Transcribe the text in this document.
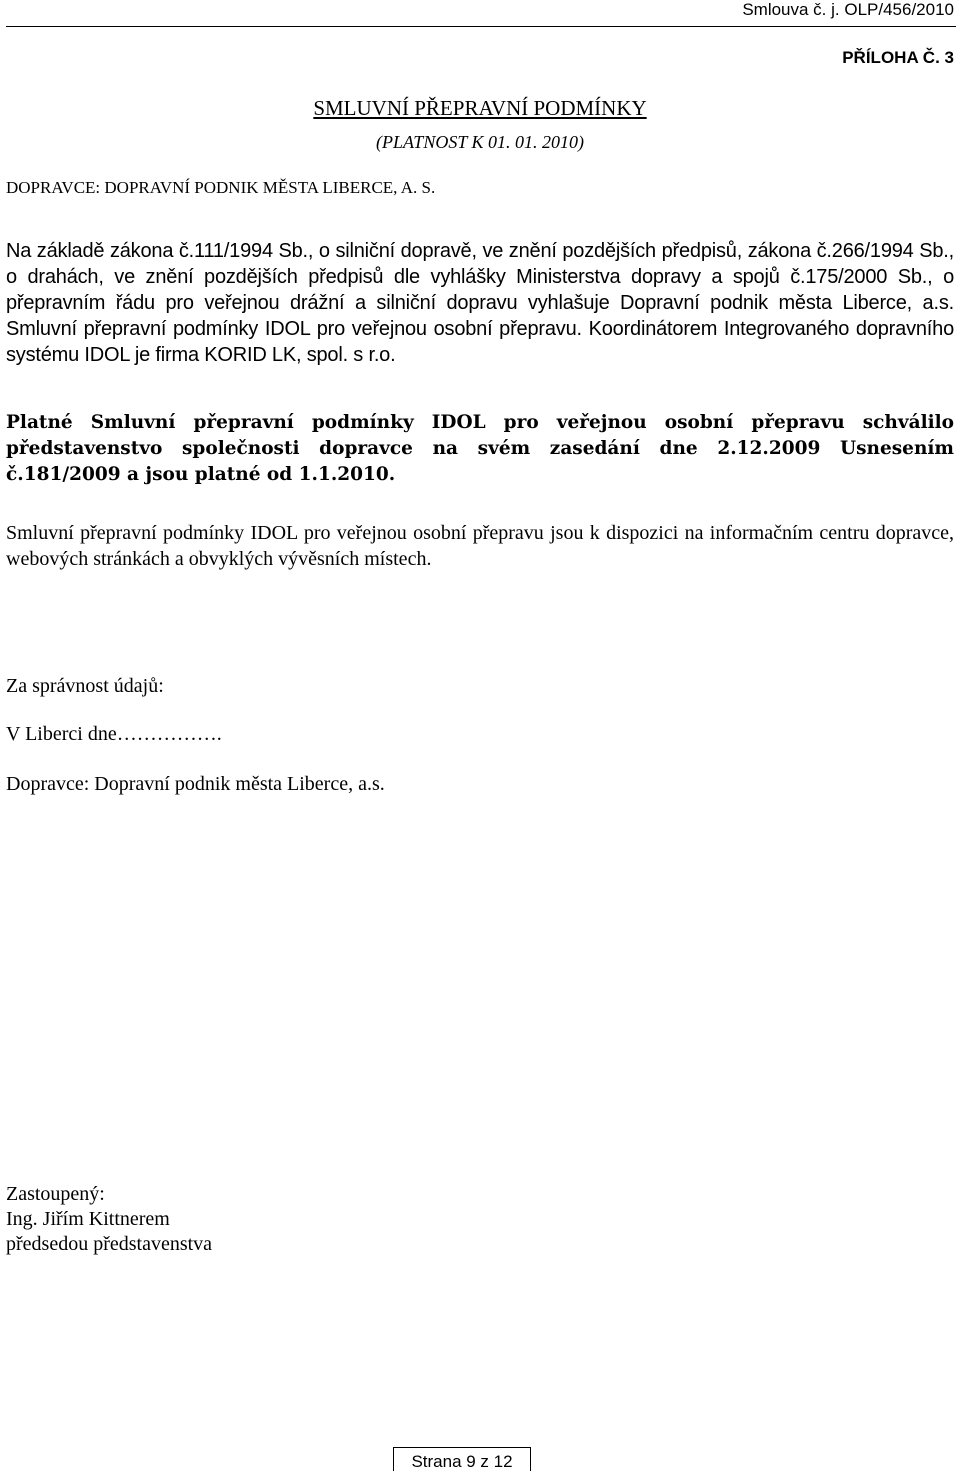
Smlouva č. j. OLP/456/2010
PŘÍLOHA Č. 3
SMLUVNÍ PŘEPRAVNÍ PODMÍNKY
(PLATNOST K 01. 01. 2010)
DOPRAVCE: DOPRAVNÍ PODNIK MĚSTA LIBERCE, A. S.
Na základě zákona č.111/1994 Sb., o silniční dopravě, ve znění pozdějších předpisů, zákona č.266/1994 Sb., o drahách, ve znění pozdějších předpisů dle vyhlášky Ministerstva dopravy a spojů č.175/2000 Sb., o přepravním řádu pro veřejnou drážní a silniční dopravu vyhlašuje Dopravní podnik města Liberce, a.s. Smluvní přepravní podmínky IDOL pro veřejnou osobní přepravu. Koordinátorem Integrovaného dopravního systému IDOL je firma KORID LK, spol. s r.o.
Platné Smluvní přepravní podmínky IDOL pro veřejnou osobní přepravu schválilo představenstvo společnosti dopravce na svém zasedání dne 2.12.2009 Usnesením č.181/2009 a jsou platné od 1.1.2010.
Smluvní přepravní podmínky IDOL pro veřejnou osobní přepravu jsou k dispozici na informačním centru dopravce, webových stránkách a obvyklých vývěsních místech.
Za správnost údajů:
V Liberci dne…………….
Dopravce: Dopravní podnik města Liberce, a.s.
Zastoupený:
Ing. Jiřím Kittnerem
předsedou představenstva
Strana 9 z 12
